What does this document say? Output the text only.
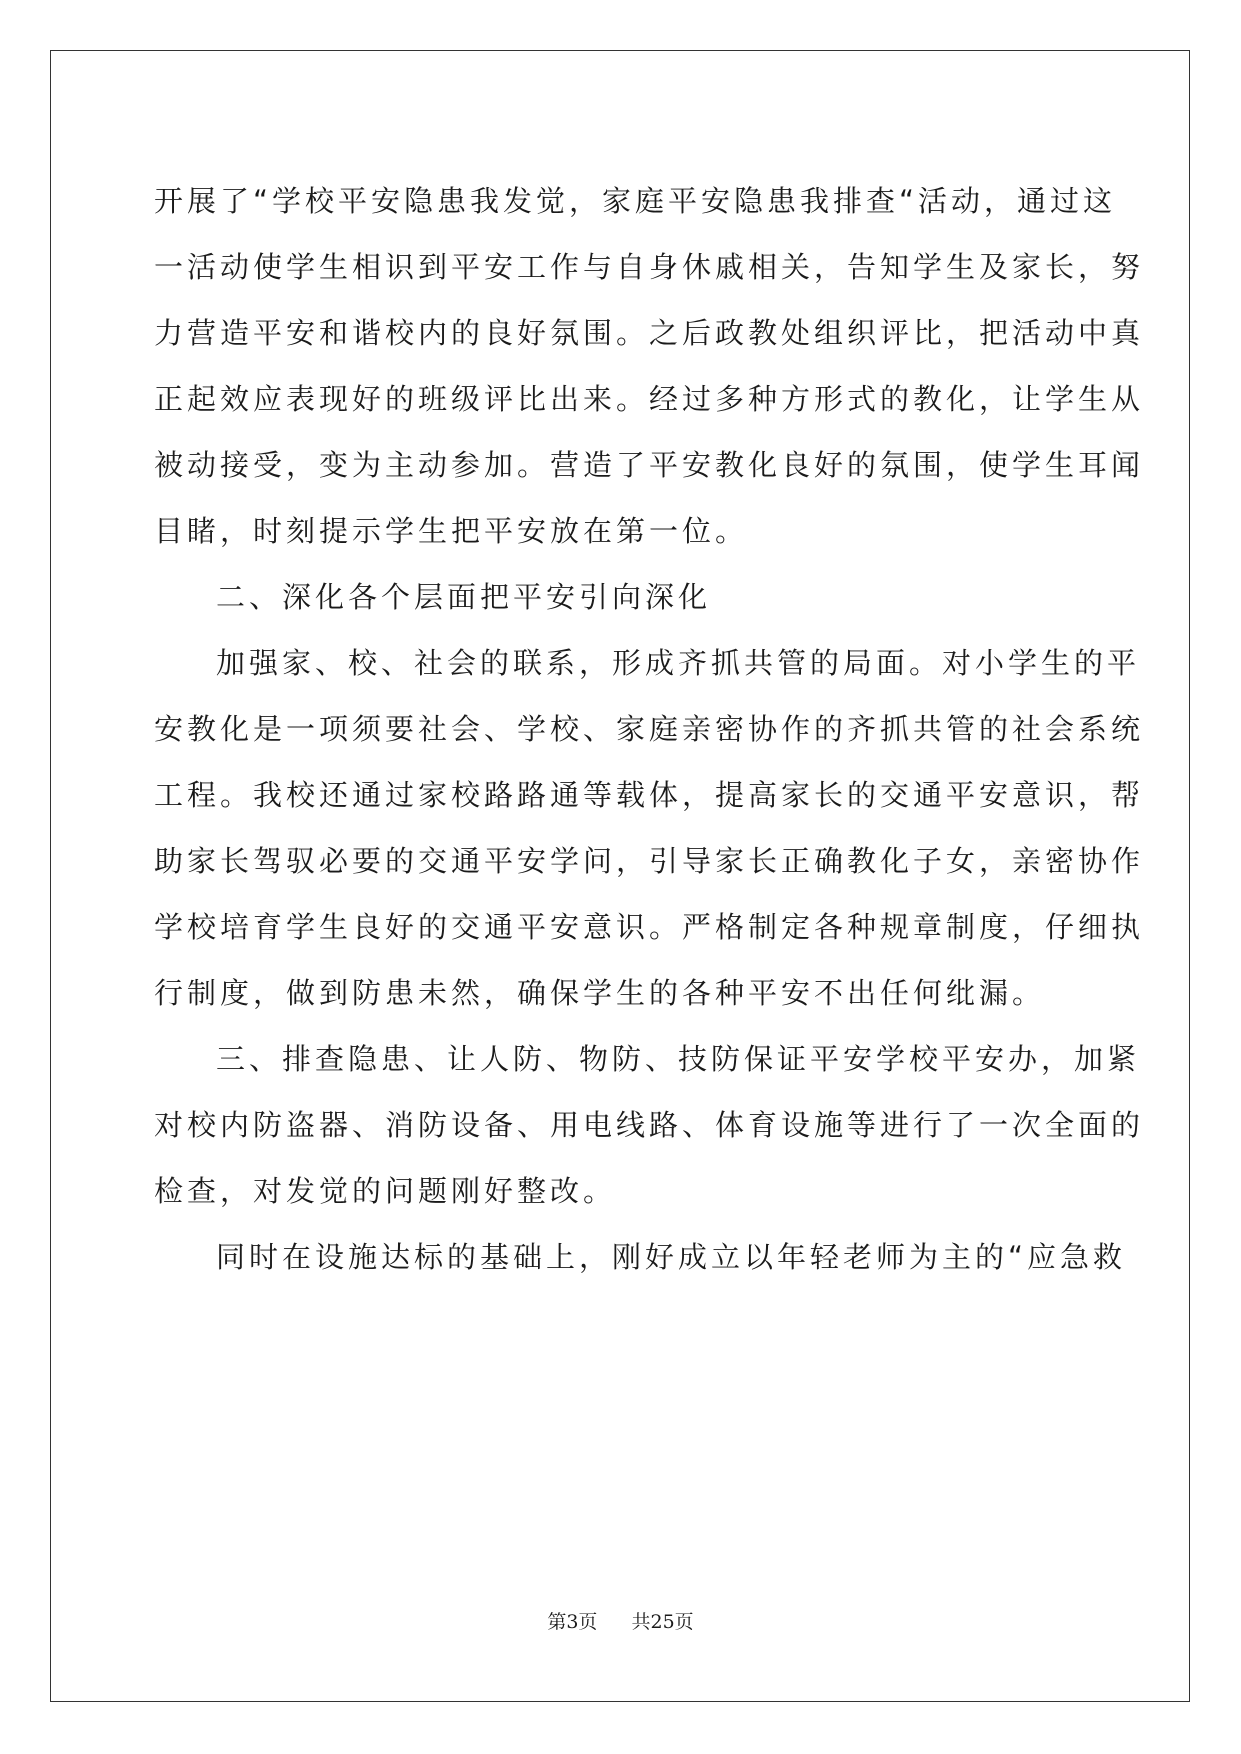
开展了“学校平安隐患我发觉，家庭平安隐患我排查“活动，通过这
一活动使学生相识到平安工作与自身休戚相关，告知学生及家长，努
力营造平安和谐校内的良好氛围。之后政教处组织评比，把活动中真
正起效应表现好的班级评比出来。经过多种方形式的教化，让学生从
被动接受，变为主动参加。营造了平安教化良好的氛围，使学生耳闻
目睹，时刻提示学生把平安放在第一位。
二、深化各个层面把平安引向深化
加强家、校、社会的联系，形成齐抓共管的局面。对小学生的平
安教化是一项须要社会、学校、家庭亲密协作的齐抓共管的社会系统
工程。我校还通过家校路路通等载体，提高家长的交通平安意识，帮
助家长驾驭必要的交通平安学问，引导家长正确教化子女，亲密协作
学校培育学生良好的交通平安意识。严格制定各种规章制度，仔细执
行制度，做到防患未然，确保学生的各种平安不出任何纰漏。
三、排查隐患、让人防、物防、技防保证平安学校平安办，加紧
对校内防盗器、消防设备、用电线路、体育设施等进行了一次全面的
检查，对发觉的问题刚好整改。
同时在设施达标的基础上，刚好成立以年轻老师为主的“应急救
第3页 共25页
